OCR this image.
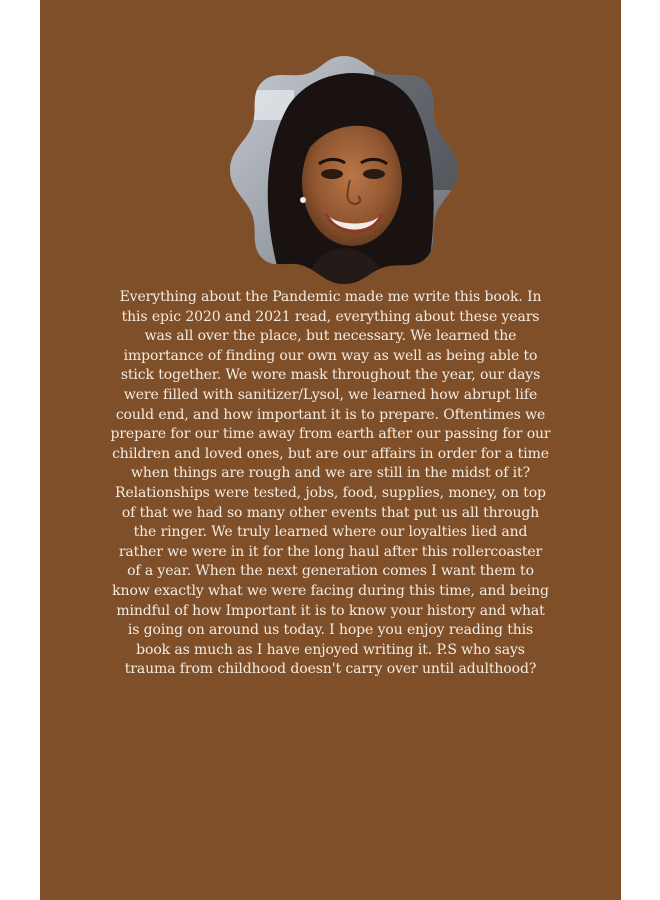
Everything about the Pandemic made me write this book. In this epic 2020 and 2021 read, everything about these years was all over the place, but necessary. We learned the importance of finding our own way as well as being able to stick together. We wore mask throughout the year, our days were filled with sanitizer/Lysol, we learned how abrupt life could end, and how important it is to prepare. Oftentimes we prepare for our time away from earth after our passing for our children and loved ones, but are our affairs in order for a time when things are rough and we are still in the midst of it? Relationships were tested, jobs, food, supplies, money, on top of that we had so many other events that put us all through the ringer. We truly learned where our loyalties lied and rather we were in it for the long haul after this rollercoaster of a year. When the next generation comes I want them to know exactly what we were facing during this time, and being mindful of how Important it is to know your history and what is going on around us today. I hope you enjoy reading this book as much as I have enjoyed writing it. P.S who says trauma from childhood doesn't carry over until adulthood?
